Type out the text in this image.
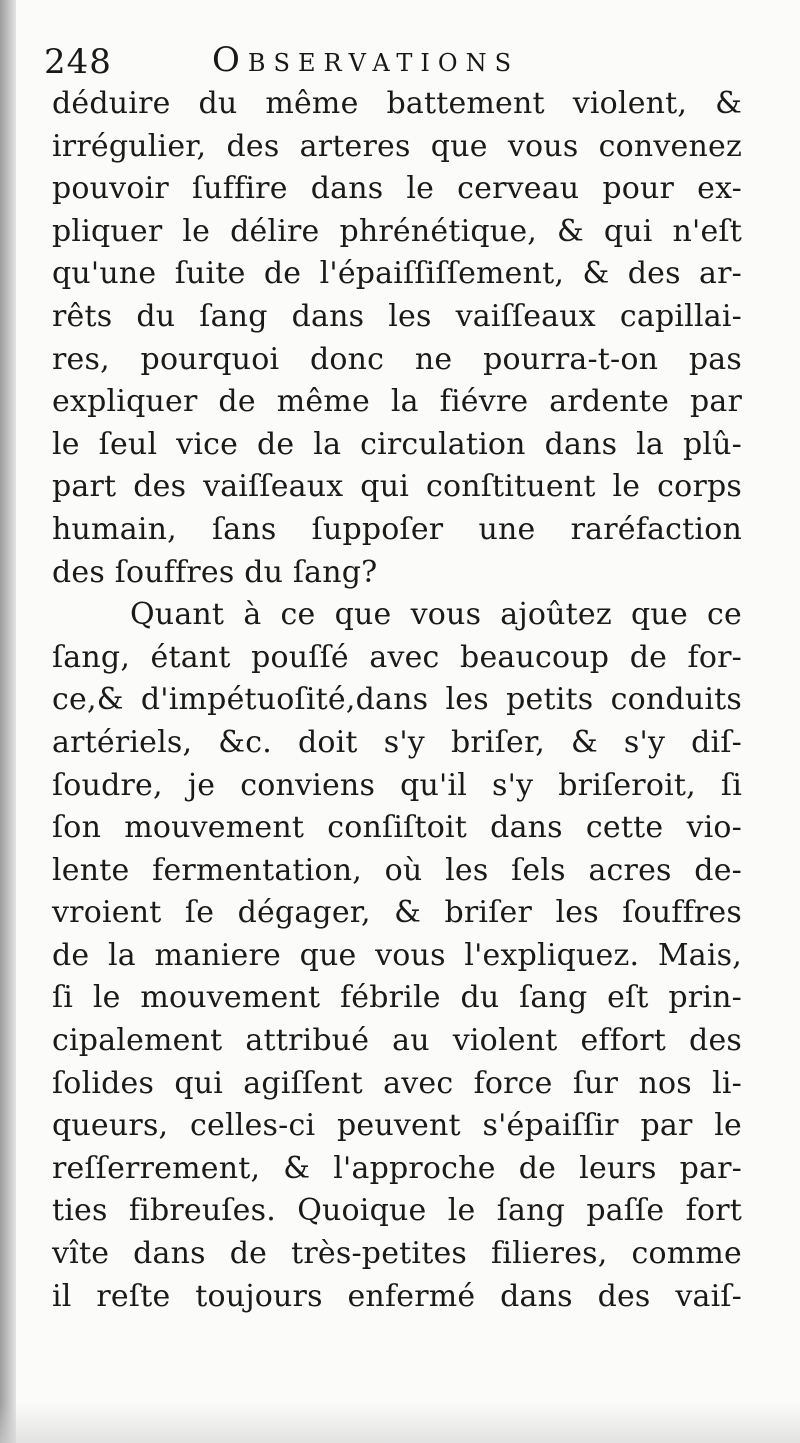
248	Observations
déduire du même battement violent, &
irrégulier, des arteres que vous convenez
pouvoir ſuffire dans le cerveau pour ex-
pliquer le délire phrénétique, & qui n'eſt
qu'une ſuite de l'épaiſſiſſement, & des ar-
rêts du ſang dans les vaiſſeaux capillai-
res, pourquoi donc ne pourra-t-on pas
expliquer de même la fiévre ardente par
le ſeul vice de la circulation dans la plû-
part des vaiſſeaux qui conſtituent le corps
humain, ſans ſuppoſer une raréfaction
des ſouffres du ſang?
Quant à ce que vous ajoûtez que ce
ſang, étant pouſſé avec beaucoup de for-
ce,& d'impétuoſité,dans les petits conduits
artériels, &c. doit s'y briſer, & s'y diſ-
ſoudre, je conviens qu'il s'y briſeroit, ſi
ſon mouvement conſiſtoit dans cette vio-
lente fermentation, où les ſels acres de-
vroient ſe dégager, & briſer les ſouffres
de la maniere que vous l'expliquez. Mais,
ſi le mouvement fébrile du ſang eſt prin-
cipalement attribué au violent effort des
ſolides qui agiſſent avec force ſur nos li-
queurs, celles-ci peuvent s'épaiſſir par le
reſſerrement, & l'approche de leurs par-
ties fibreuſes. Quoique le ſang paſſe fort
vîte dans de très-petites filieres, comme
il reſte toujours enfermé dans des vaiſ-
